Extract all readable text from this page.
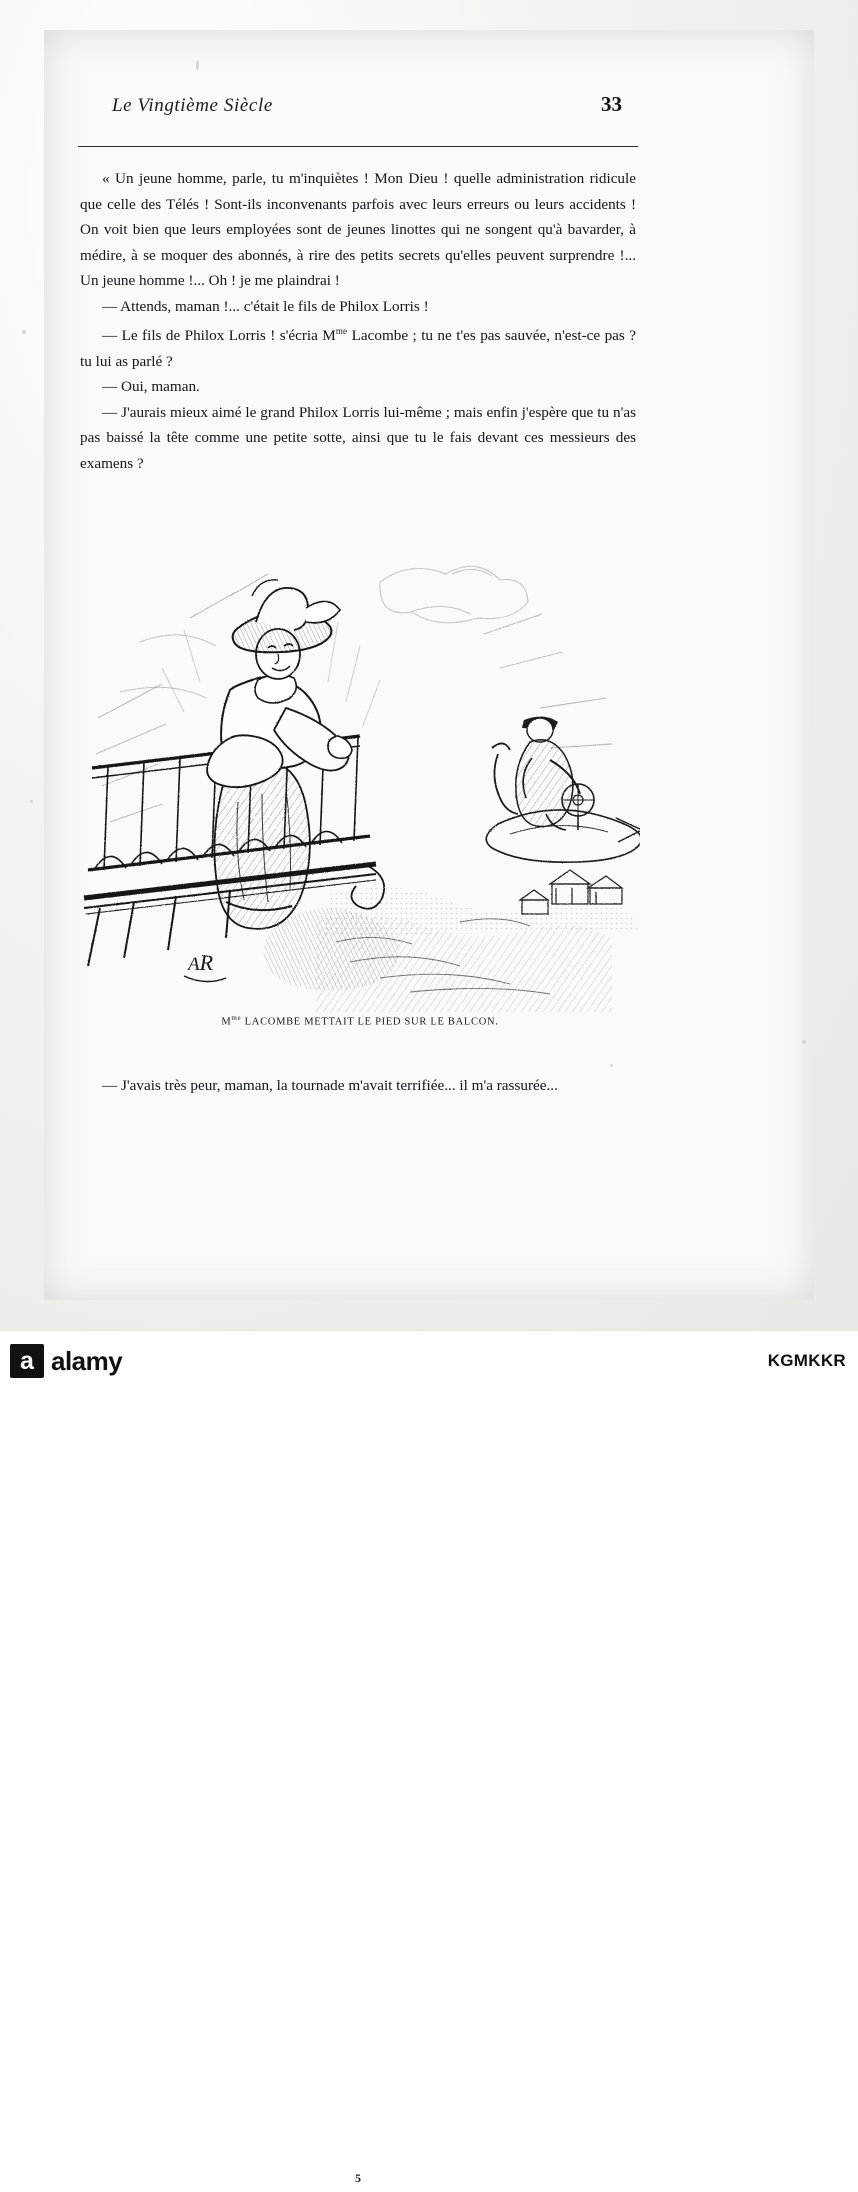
Le Vingtième Siècle	33

« Un jeune homme, parle, tu m'inquiètes ! Mon Dieu ! quelle administration ridicule que celle des Télés ! Sont-ils inconvenants parfois avec leurs erreurs ou leurs accidents ! On voit bien que leurs employées sont de jeunes linottes qui ne songent qu'à bavarder, à médire, à se moquer des abonnés, à rire des petits secrets qu'elles peuvent surprendre !... Un jeune homme !... Oh ! je me plaindrai !

— Attends, maman !... c'était le fils de Philox Lorris !

— Le fils de Philox Lorris ! s'écria $M^{me}$ Lacombe ; tu ne t'es pas sauvée, n'est-ce pas ? tu lui as parlé ?

— Oui, maman.

— J'aurais mieux aimé le grand Philox Lorris lui-même ; mais enfin j'espère que tu n'as pas baissé la tête comme une petite sotte, ainsi que tu le fais devant ces messieurs des examens ?

AR
$M^{me}$ LACOMBE METTAIT LE PIED SUR LE BALCON.

— J'avais très peur, maman, la tournade m'avait terrifiée... il m'a rassurée...

5
a alamy	KGMKKR
